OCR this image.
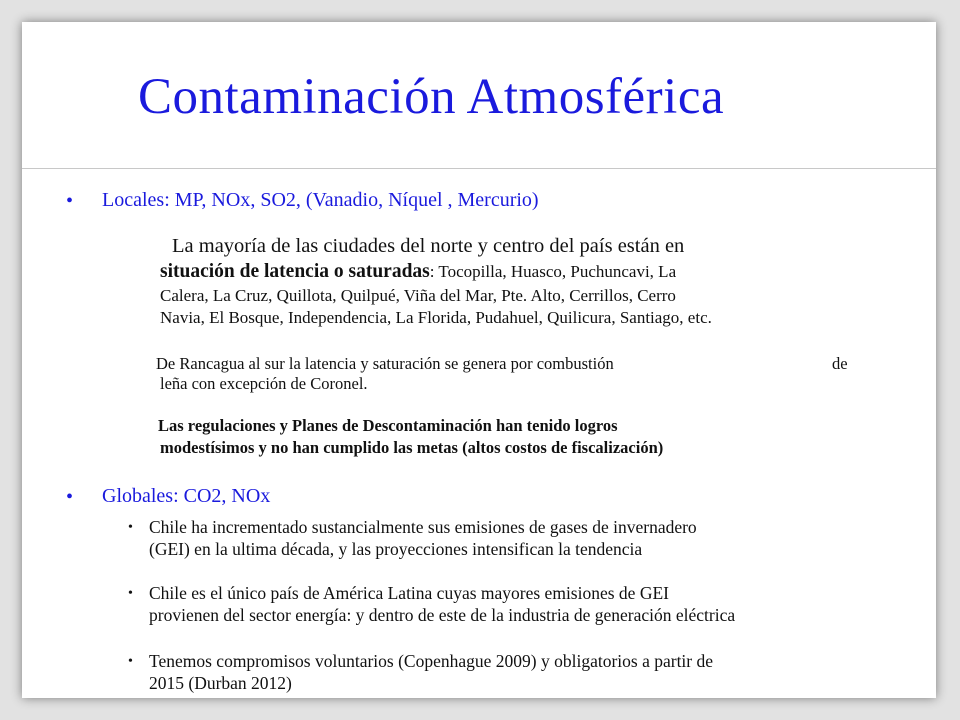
Contaminación Atmosférica
• Locales: MP, NOx, SO2, (Vanadio, Níquel , Mercurio)
La mayoría de las ciudades del norte y centro del país están en
situación de latencia o saturadas: Tocopilla, Huasco, Puchuncavi, La
Calera, La Cruz, Quillota, Quilpué, Viña del Mar, Pte. Alto, Cerrillos, Cerro
Navia, El Bosque, Independencia, La Florida, Pudahuel, Quilicura, Santiago, etc.
De Rancagua al sur la latencia y saturación se genera por combustión	de
leña con excepción de Coronel.
Las regulaciones y Planes de Descontaminación han tenido logros
modestísimos y no han cumplido las metas (altos costos de fiscalización)
• Globales: CO2, NOx
• Chile ha incrementado sustancialmente sus emisiones de gases de invernadero
(GEI) en la ultima década, y las proyecciones intensifican la tendencia
• Chile es el único país de América Latina cuyas mayores emisiones de GEI
provienen del sector energía: y dentro de este de la industria de generación eléctrica
• Tenemos compromisos voluntarios (Copenhague 2009) y obligatorios a partir de
2015 (Durban 2012)
